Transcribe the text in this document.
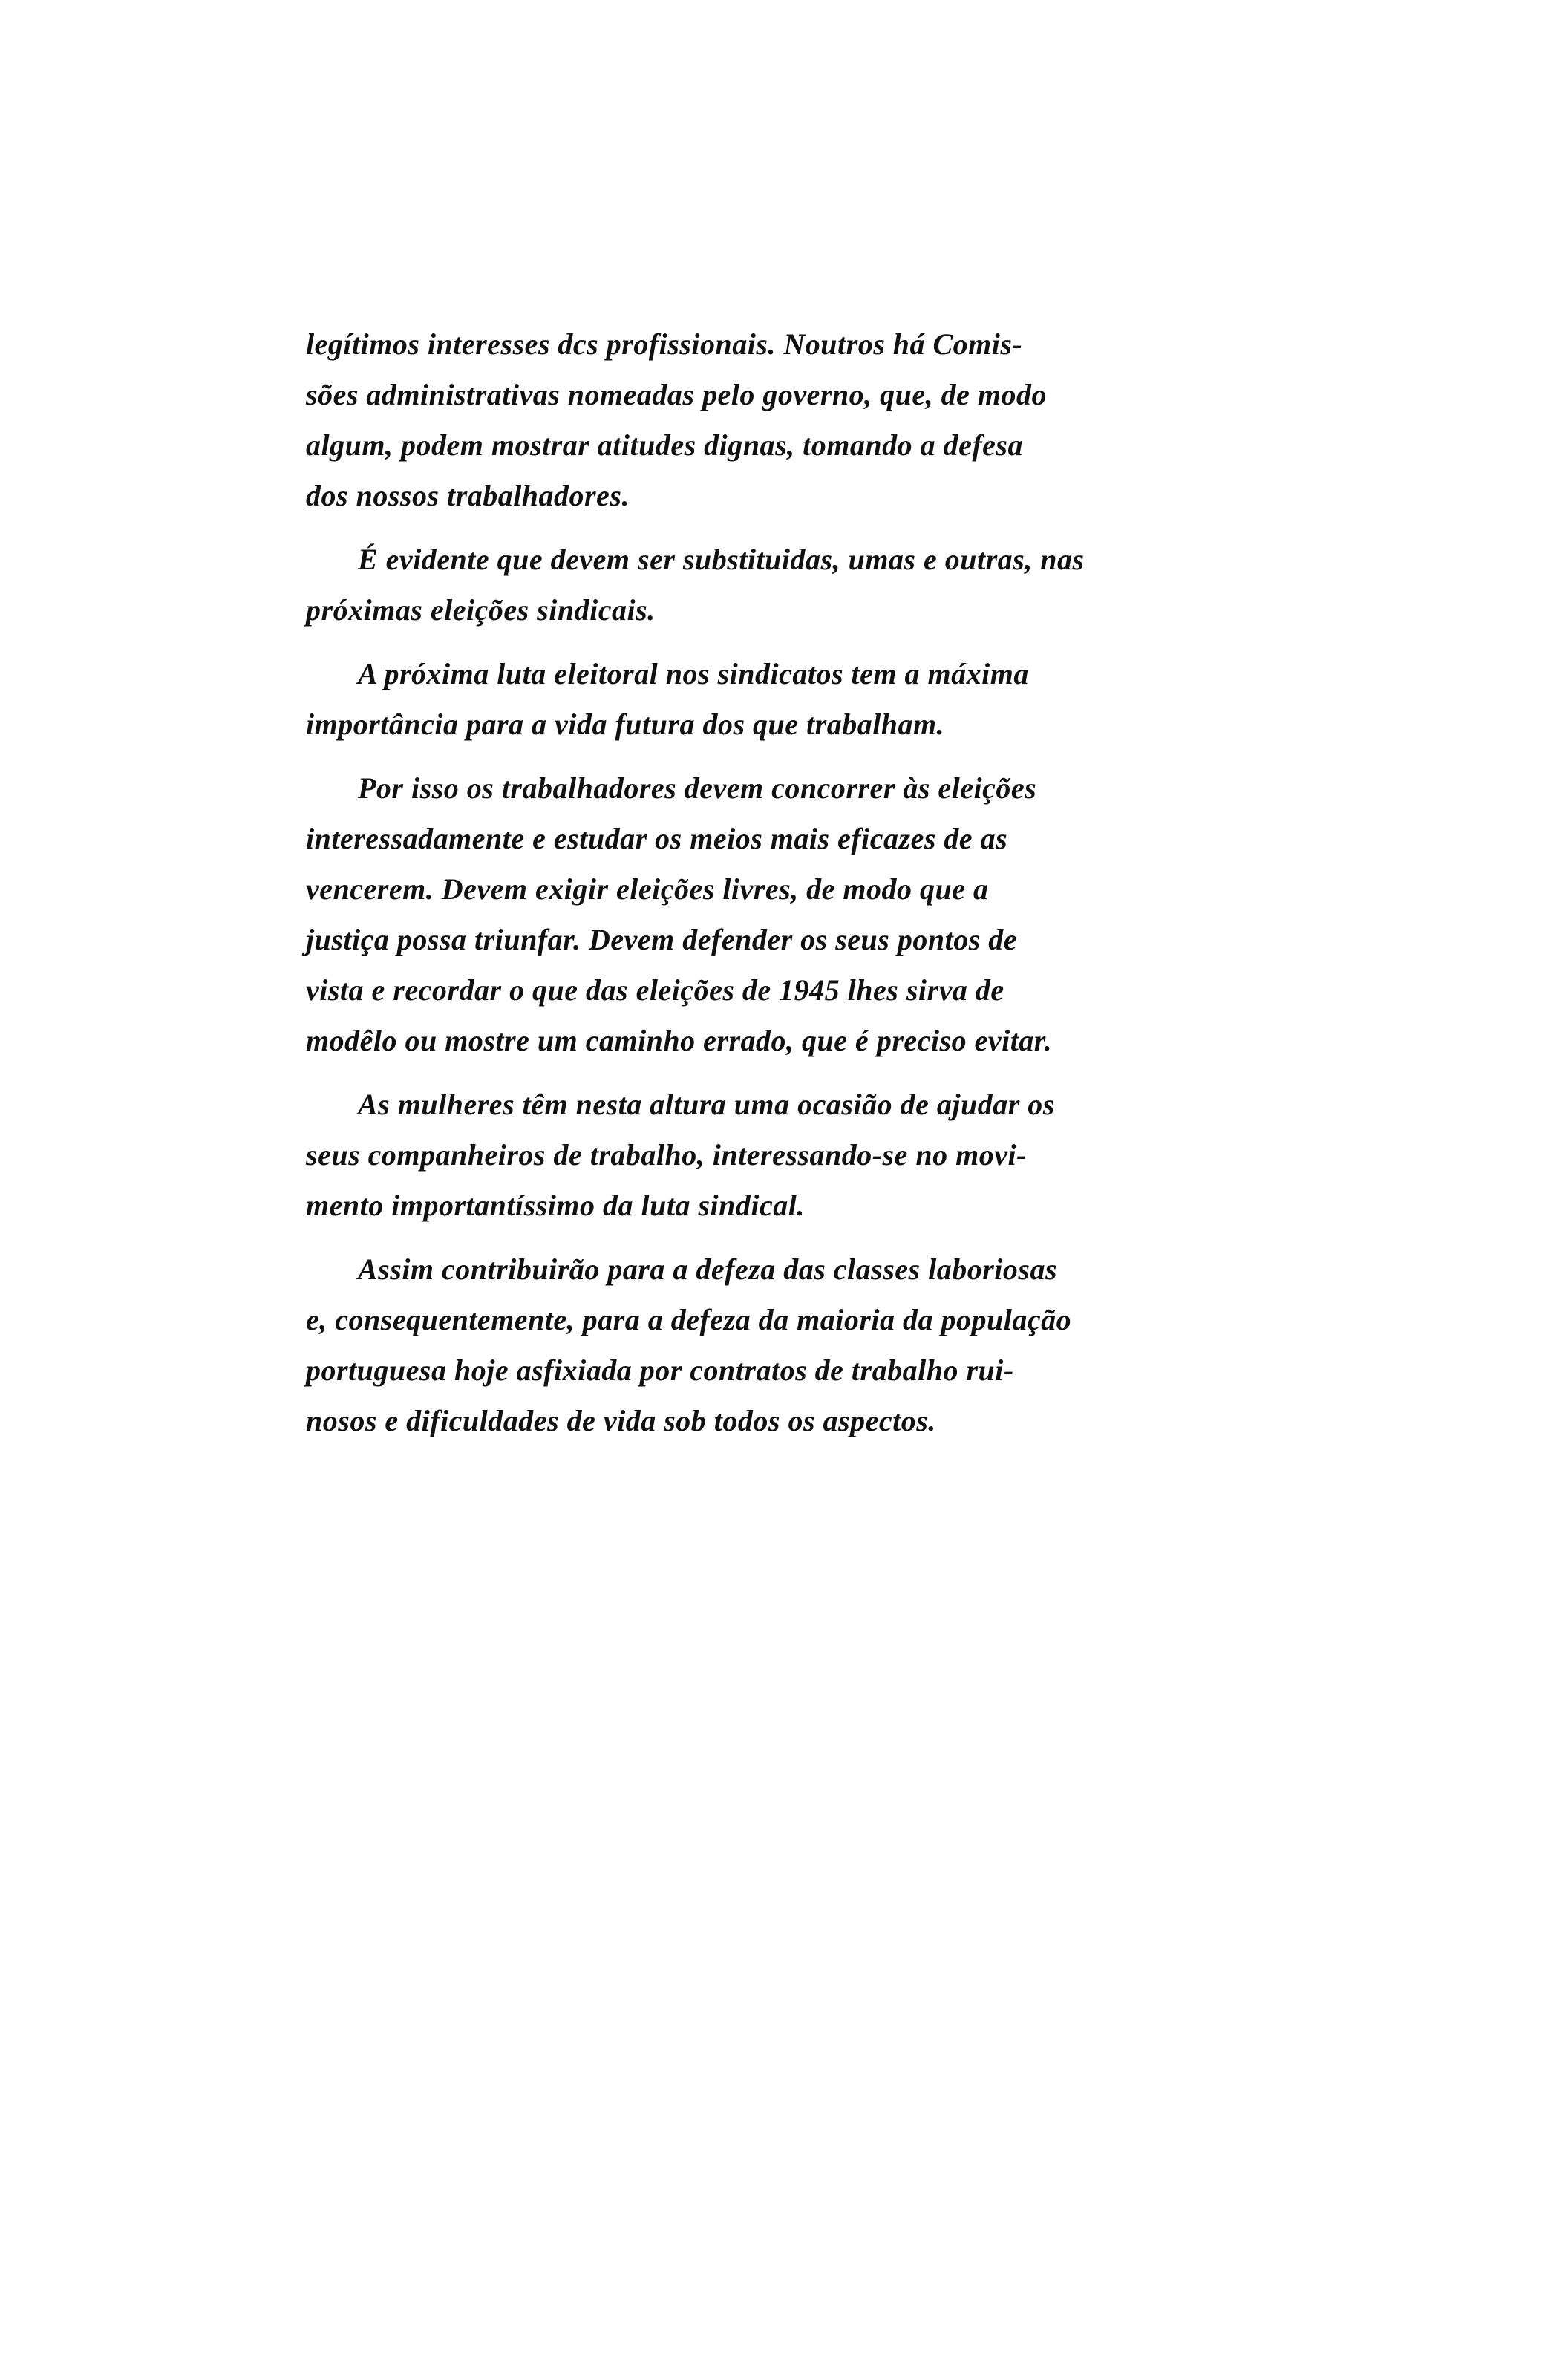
legítimos interesses dcs profissionais. Noutros há Comis-
sões administrativas nomeadas pelo governo, que, de modo
algum, podem mostrar atitudes dignas, tomando a defesa
dos nossos trabalhadores.
É evidente que devem ser substituidas, umas e outras, nas
próximas eleições sindicais.
A próxima luta eleitoral nos sindicatos tem a máxima
importância para a vida futura dos que trabalham.
Por isso os trabalhadores devem concorrer às eleições
interessadamente e estudar os meios mais eficazes de as
vencerem. Devem exigir eleições livres, de modo que a
justiça possa triunfar. Devem defender os seus pontos de
vista e recordar o que das eleições de 1945 lhes sirva de
modêlo ou mostre um caminho errado, que é preciso evitar.
As mulheres têm nesta altura uma ocasião de ajudar os
seus companheiros de trabalho, interessando-se no movi-
mento importantíssimo da luta sindical.
Assim contribuirão para a defeza das classes laboriosas
e, consequentemente, para a defeza da maioria da população
portuguesa hoje asfixiada por contratos de trabalho rui-
nosos e dificuldades de vida sob todos os aspectos.
